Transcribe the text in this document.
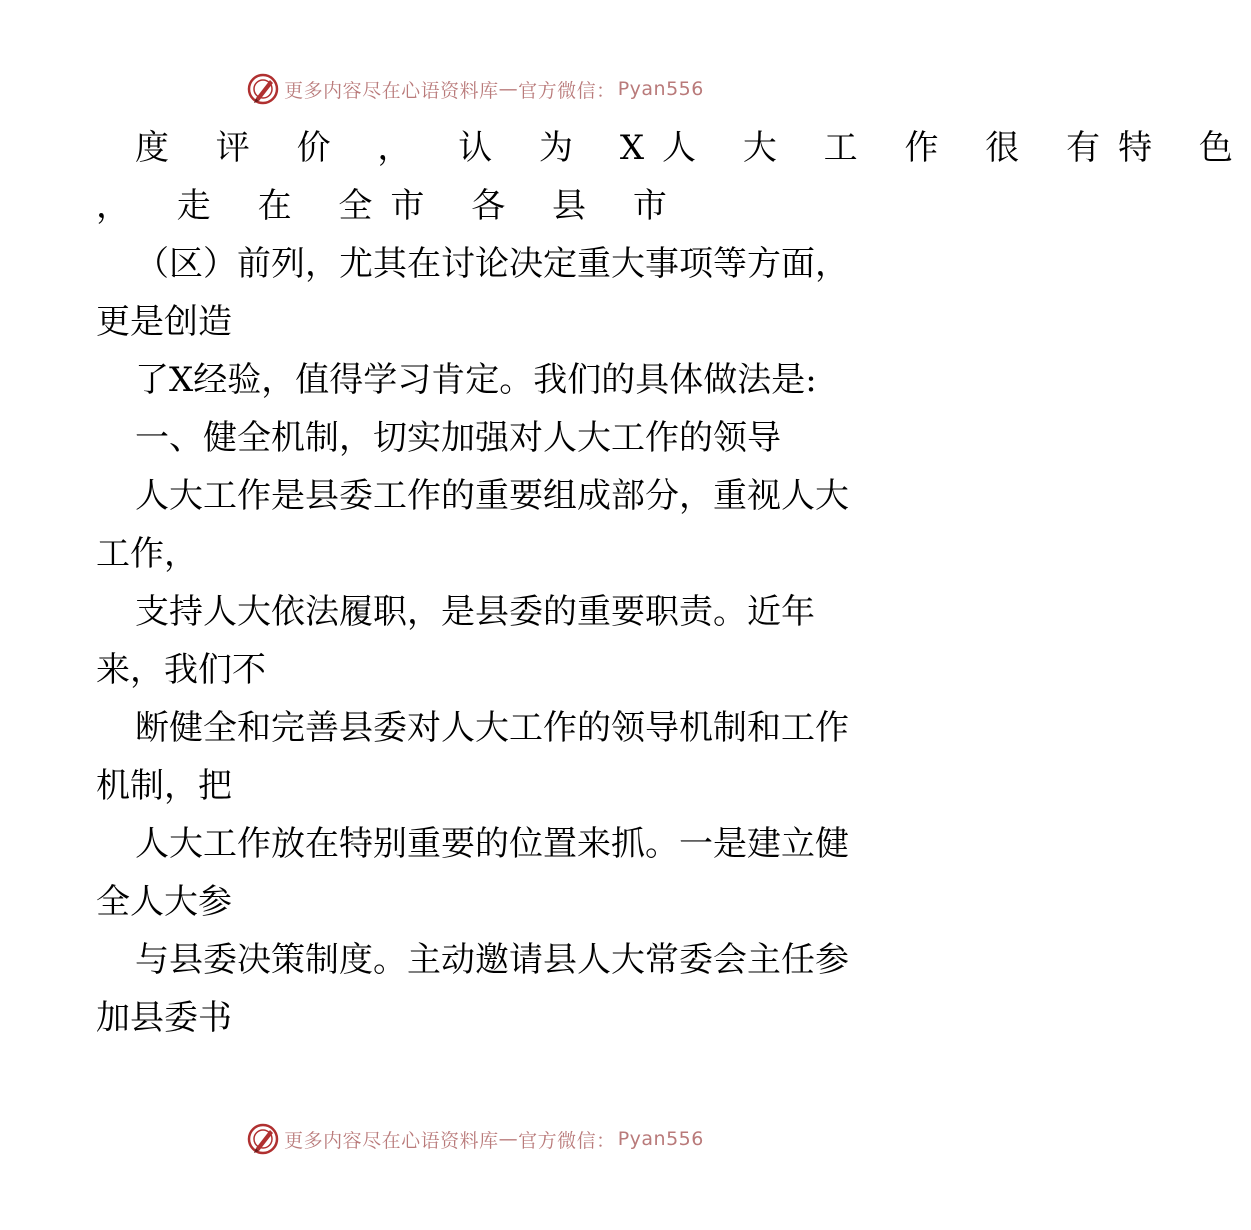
更多内容尽在心语资料库 — 官方微信： Pyan556
度 评 价 ， 认 为 X人 大 工 作 很 有特 色
， 走 在 全市 各 县 市
（区）前列，尤其在讨论决定重大事项等方面，
更是创造
了X经验，值得学习肯定。我们的具体做法是:
一、健全机制，切实加强对人大工作的领导
人大工作是县委工作的重要组成部分，重视人大
工作，
支持人大依法履职，是县委的重要职责。近年
来，我们不
断健全和完善县委对人大工作的领导机制和工作
机制，把
人大工作放在特别重要的位置来抓。一是建立健
全人大参
与县委决策制度。主动邀请县人大常委会主任参
加县委书
更多内容尽在心语资料库 — 官方微信： Pyan556
